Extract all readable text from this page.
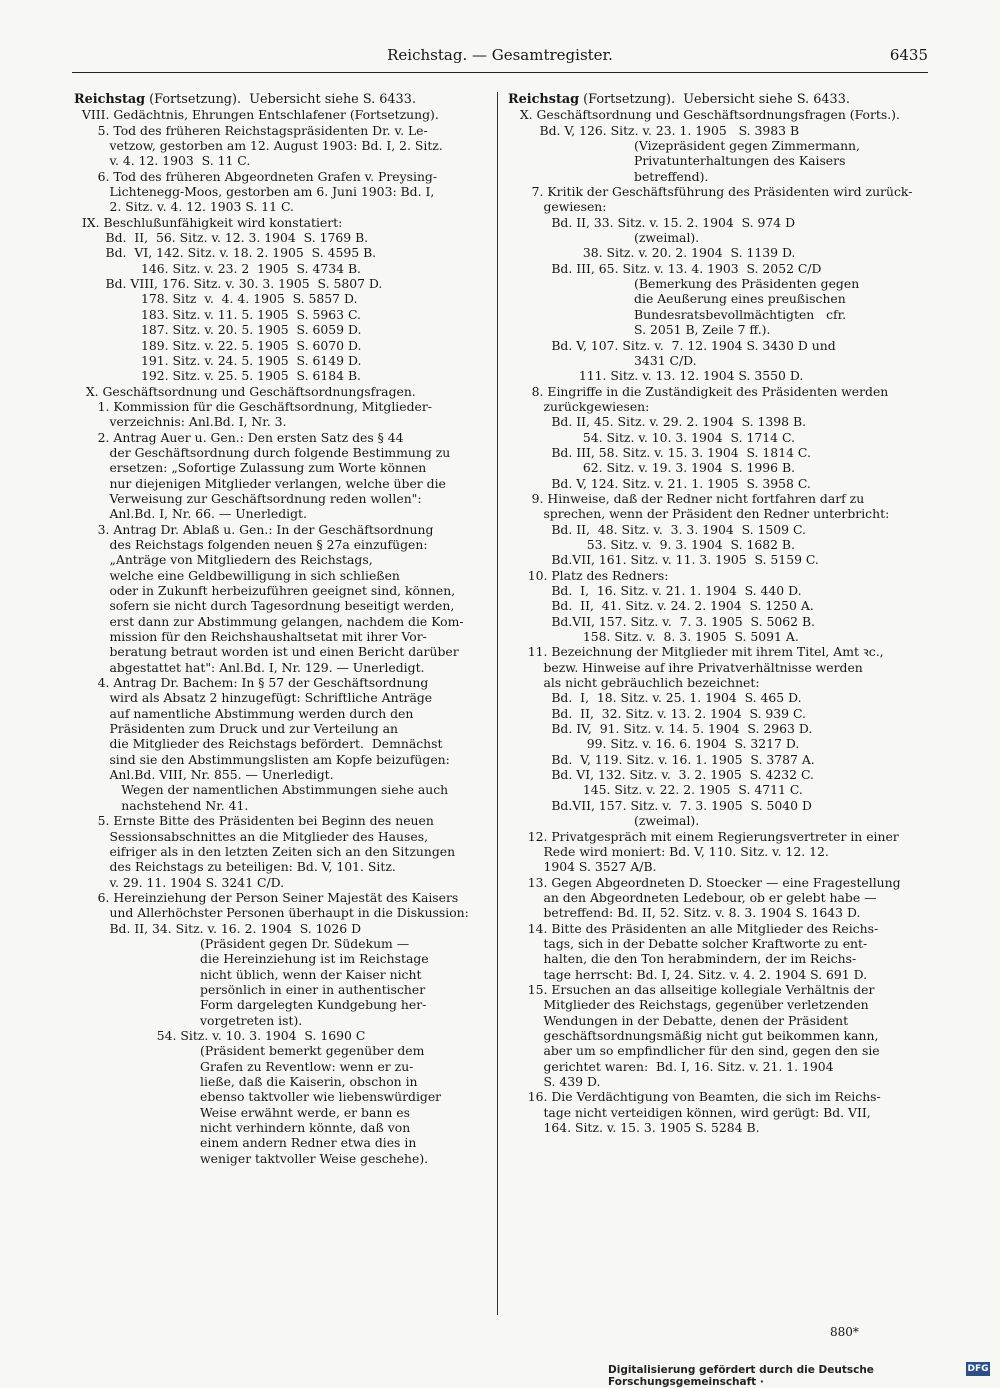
Reichstag. — Gesamtregister.	6435

Reichstag (Fortsetzung).  Uebersicht siehe S. 6433.

VIII. Gedächtnis, Ehrungen Entschlafener (Fortsetzung).
5. Tod des früheren Reichstagspräsidenten Dr. v. Le-
vetzow, gestorben am 12. August 1903: Bd. I, 2. Sitz.
v. 4. 12. 1903  S. 11 C.
6. Tod des früheren Abgeordneten Grafen v. Preysing-
Lichtenegg-Moos, gestorben am 6. Juni 1903: Bd. I,
2. Sitz. v. 4. 12. 1903 S. 11 C.
IX. Beschlußunfähigkeit wird konstatiert:
Bd.  II,  56. Sitz. v. 12. 3. 1904  S. 1769 B.
Bd.  VI, 142. Sitz. v. 18. 2. 1905  S. 4595 B.
146. Sitz. v. 23. 2  1905  S. 4734 B.
Bd. VIII, 176. Sitz. v. 30. 3. 1905  S. 5807 D.
178. Sitz  v.  4. 4. 1905  S. 5857 D.
183. Sitz. v. 11. 5. 1905  S. 5963 C.
187. Sitz. v. 20. 5. 1905  S. 6059 D.
189. Sitz. v. 22. 5. 1905  S. 6070 D.
191. Sitz. v. 24. 5. 1905  S. 6149 D.
192. Sitz. v. 25. 5. 1905  S. 6184 B.
X. Geschäftsordnung und Geschäftsordnungsfragen.
1. Kommission für die Geschäftsordnung, Mitglieder-
verzeichnis: Anl.Bd. I, Nr. 3.
2. Antrag Auer u. Gen.: Den ersten Satz des § 44
der Geschäftsordnung durch folgende Bestimmung zu
ersetzen: „Sofortige Zulassung zum Worte können
nur diejenigen Mitglieder verlangen, welche über die
Verweisung zur Geschäftsordnung reden wollen":
Anl.Bd. I, Nr. 66. — Unerledigt.
3. Antrag Dr. Ablaß u. Gen.: In der Geschäftsordnung
des Reichstags folgenden neuen § 27a einzufügen:
„Anträge von Mitgliedern des Reichstags,
welche eine Geldbewilligung in sich schließen
oder in Zukunft herbeizuführen geeignet sind, können,
sofern sie nicht durch Tagesordnung beseitigt werden,
erst dann zur Abstimmung gelangen, nachdem die Kom-
mission für den Reichshaushaltsetat mit ihrer Vor-
beratung betraut worden ist und einen Bericht darüber
abgestattet hat": Anl.Bd. I, Nr. 129. — Unerledigt.
4. Antrag Dr. Bachem: In § 57 der Geschäftsordnung
wird als Absatz 2 hinzugefügt: Schriftliche Anträge
auf namentliche Abstimmung werden durch den
Präsidenten zum Druck und zur Verteilung an
die Mitglieder des Reichstags befördert.  Demnächst
sind sie den Abstimmungslisten am Kopfe beizufügen:
Anl.Bd. VIII, Nr. 855. — Unerledigt.
Wegen der namentlichen Abstimmungen siehe auch
nachstehend Nr. 41.
5. Ernste Bitte des Präsidenten bei Beginn des neuen
Sessionsabschnittes an die Mitglieder des Hauses,
eifriger als in den letzten Zeiten sich an den Sitzungen
des Reichstags zu beteiligen: Bd. V, 101. Sitz.
v. 29. 11. 1904 S. 3241 C/D.
6. Hereinziehung der Person Seiner Majestät des Kaisers
und Allerhöchster Personen überhaupt in die Diskussion:
Bd. II, 34. Sitz. v. 16. 2. 1904  S. 1026 D
(Präsident gegen Dr. Südekum —
die Hereinziehung ist im Reichstage
nicht üblich, wenn der Kaiser nicht
persönlich in einer in authentischer
Form dargelegten Kundgebung her-
vorgetreten ist).
54. Sitz. v. 10. 3. 1904  S. 1690 C
(Präsident bemerkt gegenüber dem
Grafen zu Reventlow: wenn er zu-
ließe, daß die Kaiserin, obschon in
ebenso taktvoller wie liebenswürdiger
Weise erwähnt werde, er bann es
nicht verhindern könnte, daß von
einem andern Redner etwa dies in
weniger taktvoller Weise geschehe).

Reichstag (Fortsetzung).  Uebersicht siehe S. 6433.

X. Geschäftsordnung und Geschäftsordnungsfragen (Forts.).
Bd. V, 126. Sitz. v. 23. 1. 1905   S. 3983 B
(Vizepräsident gegen Zimmermann,
Privatunterhaltungen des Kaisers
betreffend).
7. Kritik der Geschäftsführung des Präsidenten wird zurück-
gewiesen:
Bd. II, 33. Sitz. v. 15. 2. 1904  S. 974 D
(zweimal).
38. Sitz. v. 20. 2. 1904  S. 1139 D.
Bd. III, 65. Sitz. v. 13. 4. 1903  S. 2052 C/D
(Bemerkung des Präsidenten gegen
die Aeußerung eines preußischen
Bundesratsbevollmächtigten   cfr.
S. 2051 B, Zeile 7 ff.).
Bd. V, 107. Sitz. v.  7. 12. 1904 S. 3430 D und
3431 C/D.
111. Sitz. v. 13. 12. 1904 S. 3550 D.
8. Eingriffe in die Zuständigkeit des Präsidenten werden
zurückgewiesen:
Bd. II, 45. Sitz. v. 29. 2. 1904  S. 1398 B.
54. Sitz. v. 10. 3. 1904  S. 1714 C.
Bd. III, 58. Sitz. v. 15. 3. 1904  S. 1814 C.
62. Sitz. v. 19. 3. 1904  S. 1996 B.
Bd. V, 124. Sitz. v. 21. 1. 1905  S. 3958 C.
9. Hinweise, daß der Redner nicht fortfahren darf zu
sprechen, wenn der Präsident den Redner unterbricht:
Bd. II,  48. Sitz. v.  3. 3. 1904  S. 1509 C.
53. Sitz. v.  9. 3. 1904  S. 1682 B.
Bd.VII, 161. Sitz. v. 11. 3. 1905  S. 5159 C.
10. Platz des Redners:
Bd.  I,  16. Sitz. v. 21. 1. 1904  S. 440 D.
Bd.  II,  41. Sitz. v. 24. 2. 1904  S. 1250 A.
Bd.VII, 157. Sitz. v.  7. 3. 1905  S. 5062 B.
158. Sitz. v.  8. 3. 1905  S. 5091 A.
11. Bezeichnung der Mitglieder mit ihrem Titel, Amt ꝛc.,
bezw. Hinweise auf ihre Privatverhältnisse werden
als nicht gebräuchlich bezeichnet:
Bd.  I,  18. Sitz. v. 25. 1. 1904  S. 465 D.
Bd.  II,  32. Sitz. v. 13. 2. 1904  S. 939 C.
Bd. IV,  91. Sitz. v. 14. 5. 1904  S. 2963 D.
99. Sitz. v. 16. 6. 1904  S. 3217 D.
Bd.  V, 119. Sitz. v. 16. 1. 1905  S. 3787 A.
Bd. VI, 132. Sitz. v.  3. 2. 1905  S. 4232 C.
145. Sitz. v. 22. 2. 1905  S. 4711 C.
Bd.VII, 157. Sitz. v.  7. 3. 1905  S. 5040 D
(zweimal).
12. Privatgespräch mit einem Regierungsvertreter in einer
Rede wird moniert: Bd. V, 110. Sitz. v. 12. 12.
1904 S. 3527 A/B.
13. Gegen Abgeordneten D. Stoecker — eine Fragestellung
an den Abgeordneten Ledebour, ob er gelebt habe —
betreffend: Bd. II, 52. Sitz. v. 8. 3. 1904 S. 1643 D.
14. Bitte des Präsidenten an alle Mitglieder des Reichs-
tags, sich in der Debatte solcher Kraftworte zu ent-
halten, die den Ton herabmindern, der im Reichs-
tage herrscht: Bd. I, 24. Sitz. v. 4. 2. 1904 S. 691 D.
15. Ersuchen an das allseitige kollegiale Verhältnis der
Mitglieder des Reichstags, gegenüber verletzenden
Wendungen in der Debatte, denen der Präsident
geschäftsordnungsmäßig nicht gut beikommen kann,
aber um so empfindlicher für den sind, gegen den sie
gerichtet waren:  Bd. I, 16. Sitz. v. 21. 1. 1904
S. 439 D.
16. Die Verdächtigung von Beamten, die sich im Reichs-
tage nicht verteidigen können, wird gerügt: Bd. VII,
164. Sitz. v. 15. 3. 1905 S. 5284 B.

880*
Digitalisierung gefördert durch die Deutsche Forschungsgemeinschaft ·
DFG
